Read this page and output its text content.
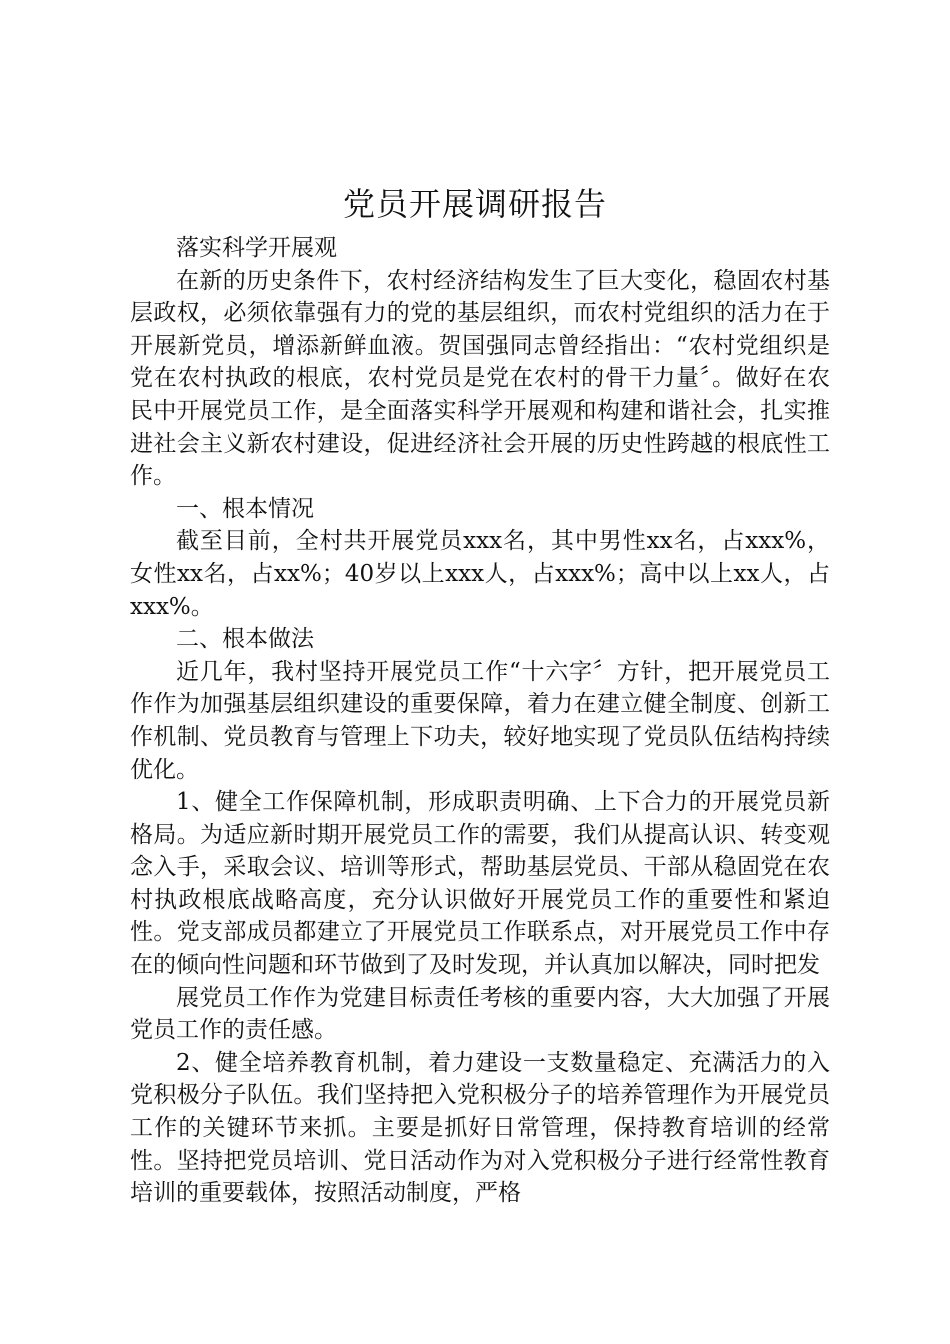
党员开展调研报告

落实科学开展观

在新的历史条件下，农村经济结构发生了巨大变化，稳固农村基层政权，必须依靠强有力的党的基层组织，而农村党组织的活力在于开展新党员，增添新鲜血液。贺国强同志曾经指出：“农村党组织是党在农村执政的根底，农村党员是党在农村的骨干力量〞。做好在农民中开展党员工作，是全面落实科学开展观和构建和谐社会，扎实推进社会主义新农村建设，促进经济社会开展的历史性跨越的根底性工作。

一、根本情况

截至目前，全村共开展党员xxx名，其中男性xx名，占xxx%，女性xx名，占xx%；40岁以上xxx人，占xxx%；高中以上xx人，占xxx%。

二、根本做法

近几年，我村坚持开展党员工作“十六字〞方针，把开展党员工作作为加强基层组织建设的重要保障，着力在建立健全制度、创新工作机制、党员教育与管理上下功夫，较好地实现了党员队伍结构持续优化。

1、健全工作保障机制，形成职责明确、上下合力的开展党员新格局。为适应新时期开展党员工作的需要，我们从提高认识、转变观念入手，采取会议、培训等形式，帮助基层党员、干部从稳固党在农村执政根底战略高度，充分认识做好开展党员工作的重要性和紧迫性。党支部成员都建立了开展党员工作联系点，对开展党员工作中存在的倾向性问题和环节做到了及时发现，并认真加以解决，同时把发

展党员工作作为党建目标责任考核的重要内容，大大加强了开展党员工作的责任感。

2、健全培养教育机制，着力建设一支数量稳定、充满活力的入党积极分子队伍。我们坚持把入党积极分子的培养管理作为开展党员工作的关键环节来抓。主要是抓好日常管理，保持教育培训的经常性。坚持把党员培训、党日活动作为对入党积极分子进行经常性教育培训的重要载体，按照活动制度，严格
